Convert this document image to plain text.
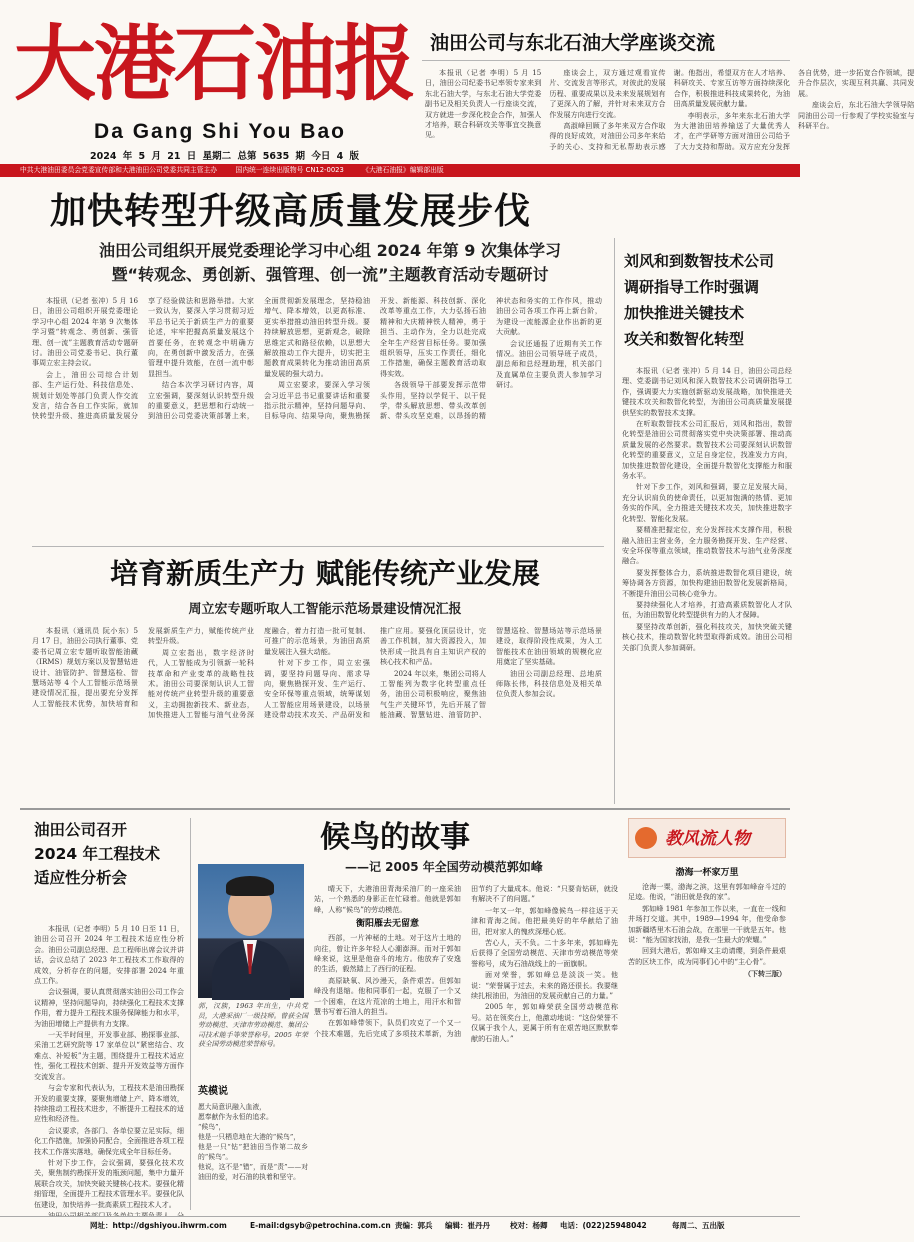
大港石油报
Da Gang Shi You Bao
2024 年 5 月 21 日 星期二 总第 5635 期 今日 4 版
中共大港油田委员会党委宣传部和大港油田公司党委共同主管主办	国内统一连续出版物号 CN12-0023	《大港石油报》编辑部出版
油田公司与东北石油大学座谈交流

本报讯（记者 李明）5 月 15 日，油田公司纪委书记率领专家来到东北石油大学，与东北石油大学党委副书记及相关负责人一行座谈交流，双方就进一步深化校企合作，加强人才培养，联合科研攻关等事宜交换意见。

座谈会上，双方通过观看宣传片、交流发言等形式，对彼此的发展历程、重要成果以及未来发展规划有了更深入的了解，并针对未来双方合作发展方向进行交流。

高淑峰回顾了多年来双方合作取得的良好成效，对油田公司多年来给予的关心、支持和无私帮助表示感谢。他指出，希望双方在人才培养、科研攻关、专家互访等方面持续深化合作，积极推进科技成果转化，为油田高质量发展贡献力量。

李明表示，多年来东北石油大学为大港油田培养输送了大量优秀人才，在产学研等方面对油田公司给予了大力支持和帮助。双方应充分发挥各自优势，进一步拓宽合作领域，提升合作层次，实现互利共赢、共同发展。

座谈会后，东北石油大学领导陪同油田公司一行参观了学校实验室与科研平台。

加快转型升级高质量发展步伐
油田公司组织开展党委理论学习中心组 2024 年第 9 次集体学习
暨“转观念、勇创新、强管理、创一流”主题教育活动专题研讨

本报讯（记者 张冲）5 月 16 日，油田公司组织开展党委理论学习中心组 2024 年第 9 次集体学习暨“转观念、勇创新、强管理、创一流”主题教育活动专题研讨。油田公司党委书记、执行董事周立宏主持会议。

会上，油田公司综合计划部、生产运行处、科技信息处、规划计划处等部门负责人作交流发言，结合各自工作实际，就加快转型升级、推进高质量发展分享了经验做法和思路举措。大家一致认为，要深入学习贯彻习近平总书记关于新质生产力的重要论述，牢牢把握高质量发展这个首要任务，在转观念中明确方向，在勇创新中激发活力，在强管理中提升效能，在创一流中彰显担当。

结合本次学习研讨内容，周立宏强调，要深刻认识转型升级的重要意义，把思想和行动统一到油田公司党委决策部署上来，全面贯彻新发展理念，坚持稳油增气、降本增效，以更高标准、更实举措推动油田转型升级。要持续解放思想，更新观念，破除思维定式和路径依赖，以思想大解放推动工作大提升，切实把主题教育成果转化为推动油田高质量发展的强大动力。

周立宏要求，要深入学习领会习近平总书记重要讲话和重要指示批示精神，坚持问题导向、目标导向、结果导向，聚焦勘探开发、新能源、科技创新、深化改革等重点工作，大力弘扬石油精神和大庆精神铁人精神，勇于担当、主动作为，全力以赴完成全年生产经营目标任务。要加强组织领导，压实工作责任，细化工作措施，确保主题教育活动取得实效。

各级领导干部要发挥示范带头作用，坚持以学促干、以干促学，带头解放思想、带头改革创新、带头攻坚克难，以昂扬的精神状态和务实的工作作风，推动油田公司各项工作再上新台阶，为建设一流能源企业作出新的更大贡献。

会议还通报了近期有关工作情况。油田公司领导班子成员，副总师和总经理助理，机关部门及直属单位主要负责人参加学习研讨。

刘风和到数智技术公司
调研指导工作时强调
加快推进关键技术
攻关和数智化转型

本报讯（记者 张冲）5 月 14 日，油田公司总经理、党委副书记刘风和深入数智技术公司调研指导工作，强调要大力实施创新驱动发展战略，加快推进关键技术攻关和数智化转型，为油田公司高质量发展提供坚实的数智技术支撑。

在听取数智技术公司汇报后，刘风和指出，数智化转型是油田公司贯彻落实党中央决策部署、推动高质量发展的必然要求。数智技术公司要深刻认识数智化转型的重要意义，立足自身定位，找准发力方向，加快推进数智化建设，全面提升数智化支撑能力和服务水平。

针对下步工作，刘风和强调，要立足发展大局，充分认识肩负的使命责任，以更加饱满的热情、更加务实的作风，全力推进关键技术攻关，加快推进数字化转型、智能化发展。

要精准把握定位，充分发挥技术支撑作用，积极融入油田主营业务，全力服务勘探开发、生产经营、安全环保等重点领域，推动数智技术与油气业务深度融合。

要发挥整体合力，系统推进数智化项目建设，统筹协调各方资源，加快构建油田数智化发展新格局，不断提升油田公司核心竞争力。

要持续强化人才培养，打造高素质数智化人才队伍，为油田数智化转型提供有力的人才保障。

要坚持改革创新，强化科技攻关，加快突破关键核心技术，推动数智化转型取得新成效。油田公司相关部门负责人参加调研。

培育新质生产力 赋能传统产业发展
周立宏专题听取人工智能示范场景建设情况汇报

本报讯（通讯员 阮小东）5 月 17 日，油田公司执行董事、党委书记周立宏专题听取智能油藏（IRMS）规划方案以及智慧钻进设计、油管防护、智慧巡检、智慧场站等 4 个人工智能示范场景建设情况汇报，提出要充分发挥人工智能技术优势，加快培育和发展新质生产力，赋能传统产业转型升级。

周立宏指出，数字经济时代，人工智能成为引领新一轮科技革命和产业变革的战略性技术。油田公司要深刻认识人工智能对传统产业转型升级的重要意义，主动拥抱新技术、新业态，加快推进人工智能与油气业务深度融合，着力打造一批可复制、可推广的示范场景，为油田高质量发展注入强大动能。

针对下步工作，周立宏强调，要坚持问题导向、需求导向，聚焦勘探开发、生产运行、安全环保等重点领域，统筹谋划人工智能应用场景建设，以场景建设带动技术攻关、产品研发和推广应用。要强化顶层设计，完善工作机制，加大资源投入，加快形成一批具有自主知识产权的核心技术和产品。

2024 年以来，集团公司将人工智能列为数字化转型重点任务，油田公司积极响应，聚焦油气生产关键环节，先后开展了智能油藏、智慧钻进、油管防护、智慧巡检、智慧场站等示范场景建设，取得阶段性成果，为人工智能技术在油田领域的规模化应用奠定了坚实基础。

油田公司副总经理、总地质师陈长伟，科技信息处及相关单位负责人参加会议。

油田公司召开
2024 年工程技术
适应性分析会

本报讯（记者 李明）5 月 10 日至 11 日，油田公司召开 2024 年工程技术适应性分析会。油田公司副总经理、总工程师出席会议并讲话，会议总结了 2023 年工程技术工作取得的成效，分析存在的问题，安排部署 2024 年重点工作。

会议强调，要认真贯彻落实油田公司工作会议精神，坚持问题导向，持续强化工程技术支撑作用，着力提升工程技术服务保障能力和水平，为油田增储上产提供有力支撑。

一天半时间里，开发事业部、勘探事业部、采油工艺研究院等 17 家单位以“紧密结合、攻难点、补短板”为主题，围绕提升工程技术适应性，强化工程技术创新、提升开发效益等方面作交流发言。

与会专家和代表认为，工程技术是油田勘探开发的重要支撑，要聚焦增储上产、降本增效，持续推动工程技术进步，不断提升工程技术的适应性和经济性。

会议要求，各部门、各单位要立足实际，细化工作措施，加强协同配合，全面推进各项工程技术工作落实落地，确保完成全年目标任务。

针对下步工作，会议强调，要强化技术攻关，聚焦制约勘探开发的瓶颈问题，集中力量开展联合攻关，加快突破关键核心技术。要强化精细管理，全面提升工程技术管理水平。要强化队伍建设，加快培养一批高素质工程技术人才。

候鸟的故事
——记 2005 年全国劳动模范郭如峰
郭，汉族，1963 年出生，中共党员，大港采油厂一级技师。曾获全国劳动模范、天津市劳动模范、集团公司技术能手等荣誉称号。2005 年荣获全国劳动模范荣誉称号。
英模说
愿大局意识融入血液，
愿奉献作为永恒的追求。
“候鸟”，
他是一只栖息地在大港的“候鸟”，
他是一只“钻”把油田当作第二故乡的“候鸟”。
他说，这不是“错”，而是“责”——对油田的爱，对石油的执着和坚守。

晴天下，大港油田青海采油厂的一座采油站，一个熟悉的身影正在忙碌着。他就是郭如峰，人称“候鸟”的劳动模范。

衡阳雁去无留意

西部，一片神秘的土地。对于这片土地的向往，曾让许多年轻人心潮澎湃。而对于郭如峰来说，这里是他奋斗的地方。他放弃了安逸的生活，毅然踏上了西行的征程。

高原缺氧、风沙漫天，条件艰苦。但郭如峰没有退缩。他和同事们一起，克服了一个又一个困难，在这片荒凉的土地上，用汗水和智慧书写着石油人的担当。

在郭如峰带领下，队员们攻克了一个又一个技术难题，先后完成了多项技术革新，为油田节约了大量成本。他说：“只要肯钻研，就没有解决不了的问题。”

一年又一年，郭如峰像候鸟一样往返于天津和青海之间。他把最美好的年华献给了油田，把对家人的愧疚深埋心底。

苦心人，天不负。二十多年来，郭如峰先后获得了全国劳动模范、天津市劳动模范等荣誉称号，成为石油战线上的一面旗帜。

面对荣誉，郭如峰总是淡淡一笑。他说：“荣誉属于过去，未来的路还很长。我要继续扎根油田，为油田的发展贡献自己的力量。”

2005 年，郭如峰荣获全国劳动模范称号。站在领奖台上，他激动地说：“这份荣誉不仅属于我个人，更属于所有在艰苦地区默默奉献的石油人。”

教风流人物
渤海一杯家万里

沧海一粟，渤海之滨，这里有郭如峰奋斗过的足迹。他说，“油田就是我的家”。

郭如峰 1981 年参加工作以来，一直在一线和井场打交道。其中，1989—1994 年，他受命参加新疆塔里木石油会战，在那里一干就是五年。他说：“能为国家找油，是我一生最大的荣耀。”

回到大港后，郭如峰又主动请缨，到条件最艰苦的区块工作，成为同事们心中的“主心骨”。

（下转三版）
网址：http://dgshiyou.ihwrm.com	E-mail:dgsyb@petrochina.com.cn 责编：郭兵 编辑：崔丹丹	校对：杨卿 电话：(022)25948042	每周二、五出版
